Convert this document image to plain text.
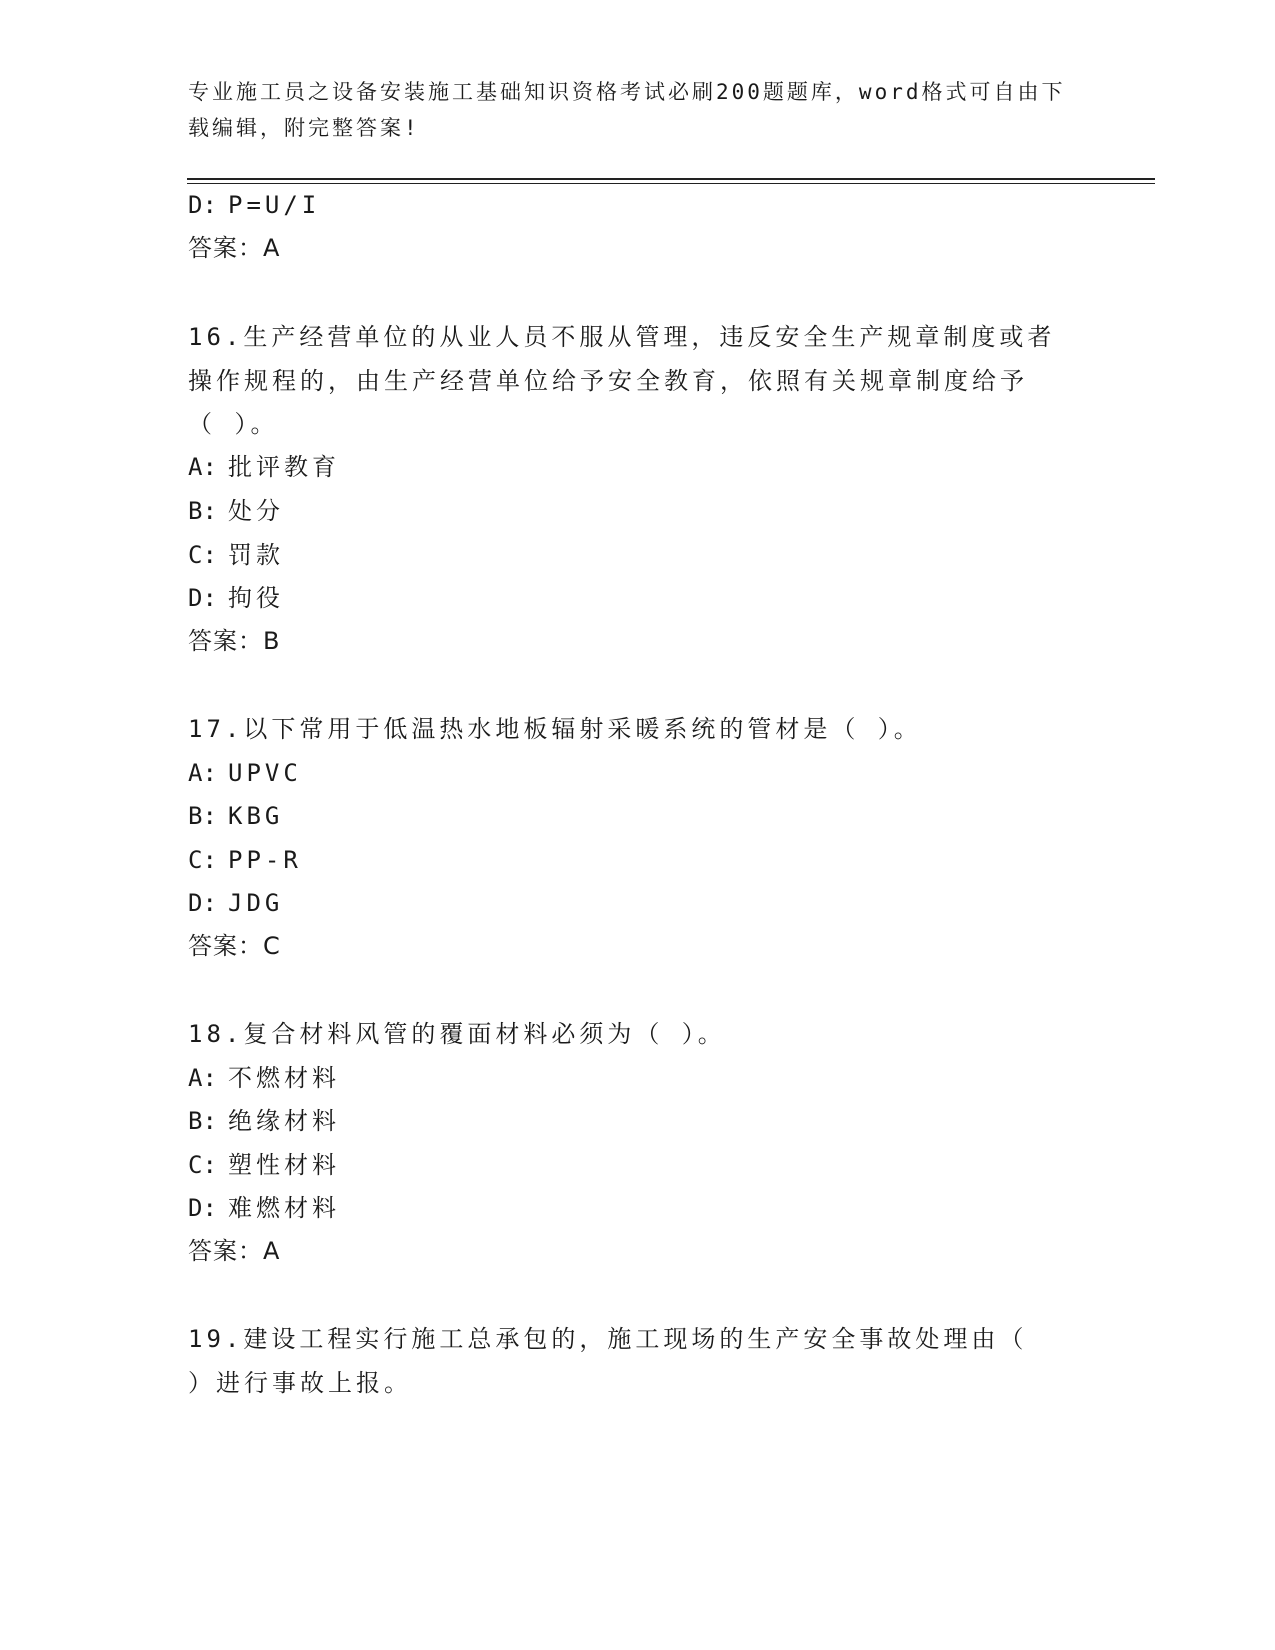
专业施工员之设备安装施工基础知识资格考试必刷200题题库，word格式可自由下载编辑，附完整答案!
D: P=U/I
答案：A
16.生产经营单位的从业人员不服从管理，违反安全生产规章制度或者
操作规程的，由生产经营单位给予安全教育，依照有关规章制度给予
（ ）。
A: 批评教育
B: 处分
C: 罚款
D: 拘役
答案：B
17.以下常用于低温热水地板辐射采暖系统的管材是（ ）。
A: UPVC
B: KBG
C: PP-R
D: JDG
答案：C
18.复合材料风管的覆面材料必须为（ ）。
A: 不燃材料
B: 绝缘材料
C: 塑性材料
D: 难燃材料
答案：A
19.建设工程实行施工总承包的，施工现场的生产安全事故处理由（
）进行事故上报。
